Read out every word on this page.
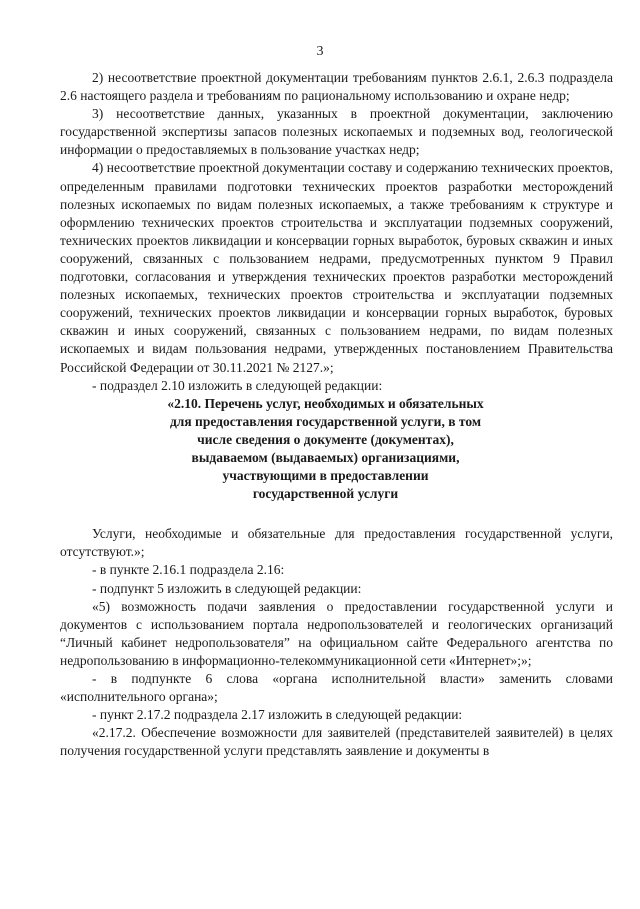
3

2) несоответствие проектной документации требованиям пунктов 2.6.1, 2.6.3 подраздела 2.6 настоящего раздела и требованиям по рациональному использованию и охране недр;

3) несоответствие данных, указанных в проектной документации, заключению государственной экспертизы запасов полезных ископаемых и подземных вод, геологической информации о предоставляемых в пользование участках недр;

4) несоответствие проектной документации составу и содержанию технических проектов, определенным правилами подготовки технических проектов разработки месторождений полезных ископаемых по видам полезных ископаемых, а также требованиям к структуре и оформлению технических проектов строительства и эксплуатации подземных сооружений, технических проектов ликвидации и консервации горных выработок, буровых скважин и иных сооружений, связанных с пользованием недрами, предусмотренных пунктом 9 Правил подготовки, согласования и утверждения технических проектов разработки месторождений полезных ископаемых, технических проектов строительства и эксплуатации подземных сооружений, технических проектов ликвидации и консервации горных выработок, буровых скважин и иных сооружений, связанных с пользованием недрами, по видам полезных ископаемых и видам пользования недрами, утвержденных постановлением Правительства Российской Федерации от 30.11.2021 № 2127.»;

- подраздел 2.10 изложить в следующей редакции:

«2.10. Перечень услуг, необходимых и обязательных
для предоставления государственной услуги, в том
числе сведения о документе (документах),
выдаваемом (выдаваемых) организациями,
участвующими в предоставлении
государственной услуги

Услуги, необходимые и обязательные для предоставления государственной услуги, отсутствуют.»;

- в пункте 2.16.1 подраздела 2.16:

- подпункт 5 изложить в следующей редакции:

«5) возможность подачи заявления о предоставлении государственной услуги и документов с использованием портала недропользователей и геологических организаций “Личный кабинет недропользователя” на официальном сайте Федерального агентства по недропользованию в информационно-телекоммуникационной сети «Интернет»;»;

- в подпункте 6 слова «органа исполнительной власти» заменить словами «исполнительного органа»;

- пункт 2.17.2 подраздела 2.17 изложить в следующей редакции:

«2.17.2. Обеспечение возможности для заявителей (представителей заявителей) в целях получения государственной услуги представлять заявление и документы в
